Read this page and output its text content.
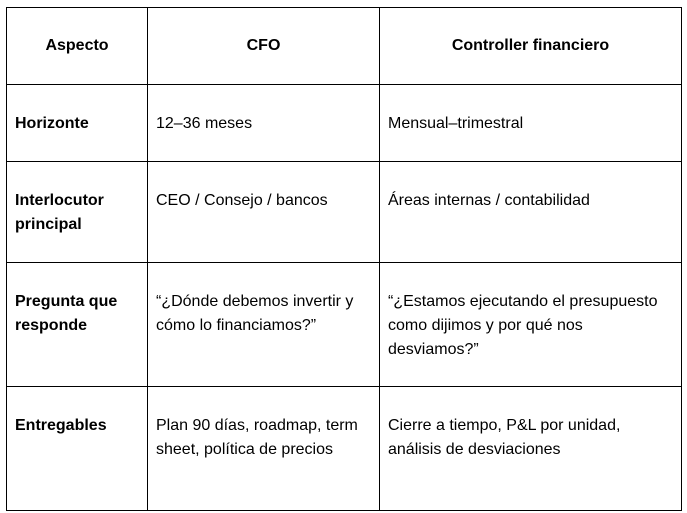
Aspecto	CFO	Controller financiero
Horizonte	12–36 meses	Mensual–trimestral
Interlocutor principal	CEO / Consejo / bancos	Áreas internas / contabilidad
Pregunta que responde	“¿Dónde debemos invertir y cómo lo financiamos?”	“¿Estamos ejecutando el presupuesto como dijimos y por qué nos desviamos?”
Entregables	Plan 90 días, roadmap, term sheet, política de precios	Cierre a tiempo, P&L por unidad, análisis de desviaciones
